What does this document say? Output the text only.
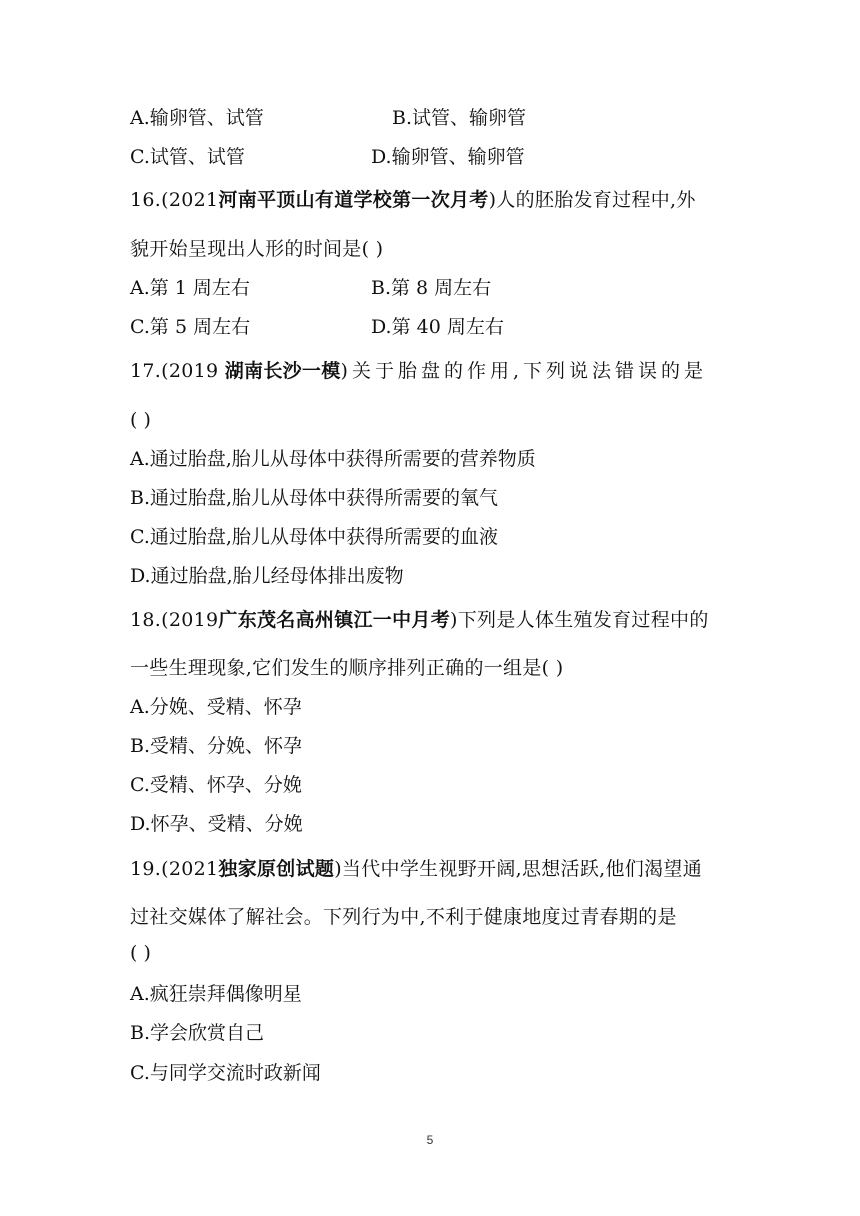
A.输卵管、试管	B.试管、输卵管
C.试管、试管	D.输卵管、输卵管
16.(2021河南平顶山有道学校第一次月考)人的胚胎发育过程中,外
貌开始呈现出人形的时间是( )
A.第 1 周左右	B.第 8 周左右
C.第 5 周左右	D.第 40 周左右
17.(2019 湖南长沙一模)关于胎盘的作用,下列说法错误的是
( )
A.通过胎盘,胎儿从母体中获得所需要的营养物质
B.通过胎盘,胎儿从母体中获得所需要的氧气
C.通过胎盘,胎儿从母体中获得所需要的血液
D.通过胎盘,胎儿经母体排出废物
18.(2019广东茂名高州镇江一中月考)下列是人体生殖发育过程中的
一些生理现象,它们发生的顺序排列正确的一组是( )
A.分娩、受精、怀孕
B.受精、分娩、怀孕
C.受精、怀孕、分娩
D.怀孕、受精、分娩
19.(2021独家原创试题)当代中学生视野开阔,思想活跃,他们渴望通
过社交媒体了解社会。下列行为中,不利于健康地度过青春期的是
( )
A.疯狂崇拜偶像明星
B.学会欣赏自己
C.与同学交流时政新闻
5
